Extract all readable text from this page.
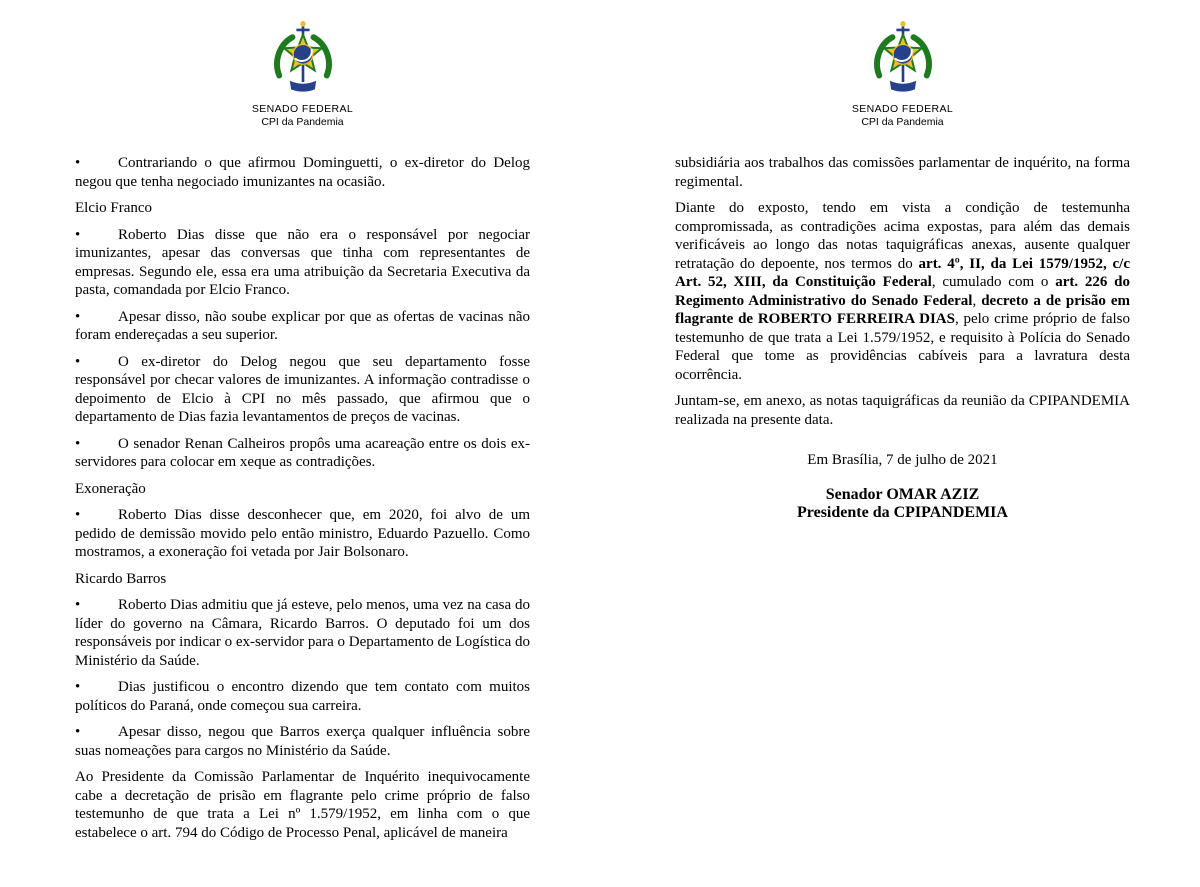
SENADO FEDERAL
CPI da Pandemia

•	Contrariando o que afirmou Dominguetti, o ex-diretor do Delog negou que tenha negociado imunizantes na ocasião.

Elcio Franco

•	Roberto Dias disse que não era o responsável por negociar imunizantes, apesar das conversas que tinha com representantes de empresas. Segundo ele, essa era uma atribuição da Secretaria Executiva da pasta, comandada por Elcio Franco.

•	Apesar disso, não soube explicar por que as ofertas de vacinas não foram endereçadas a seu superior.

•	O ex-diretor do Delog negou que seu departamento fosse responsável por checar valores de imunizantes. A informação contradisse o depoimento de Elcio à CPI no mês passado, que afirmou que o departamento de Dias fazia levantamentos de preços de vacinas.

•	O senador Renan Calheiros propôs uma acareação entre os dois ex-servidores para colocar em xeque as contradições.

Exoneração

•	Roberto Dias disse desconhecer que, em 2020, foi alvo de um pedido de demissão movido pelo então ministro, Eduardo Pazuello. Como mostramos, a exoneração foi vetada por Jair Bolsonaro.

Ricardo Barros

•	Roberto Dias admitiu que já esteve, pelo menos, uma vez na casa do líder do governo na Câmara, Ricardo Barros. O deputado foi um dos responsáveis por indicar o ex-servidor para o Departamento de Logística do Ministério da Saúde.

•	Dias justificou o encontro dizendo que tem contato com muitos políticos do Paraná, onde começou sua carreira.

•	Apesar disso, negou que Barros exerça qualquer influência sobre suas nomeações para cargos no Ministério da Saúde.

Ao Presidente da Comissão Parlamentar de Inquérito inequivocamente cabe a decretação de prisão em flagrante pelo crime próprio de falso testemunho de que trata a Lei nº 1.579/1952, em linha com o que estabelece o art. 794 do Código de Processo Penal, aplicável de maneira

SENADO FEDERAL
CPI da Pandemia

subsidiária aos trabalhos das comissões parlamentar de inquérito, na forma regimental.

Diante do exposto, tendo em vista a condição de testemunha compromissada, as contradições acima expostas, para além das demais verificáveis ao longo das notas taquigráficas anexas, ausente qualquer retratação do depoente, nos termos do art. 4º, II, da Lei 1579/1952, c/c Art. 52, XIII, da Constituição Federal, cumulado com o art. 226 do Regimento Administrativo do Senado Federal, decreto a de prisão em flagrante de ROBERTO FERREIRA DIAS, pelo crime próprio de falso testemunho de que trata a Lei 1.579/1952, e requisito à Polícia do Senado Federal que tome as providências cabíveis para a lavratura desta ocorrência.

Juntam-se, em anexo, as notas taquigráficas da reunião da CPIPANDEMIA realizada na presente data.

Em Brasília, 7 de julho de 2021

Senador OMAR AZIZ
Presidente da CPIPANDEMIA
